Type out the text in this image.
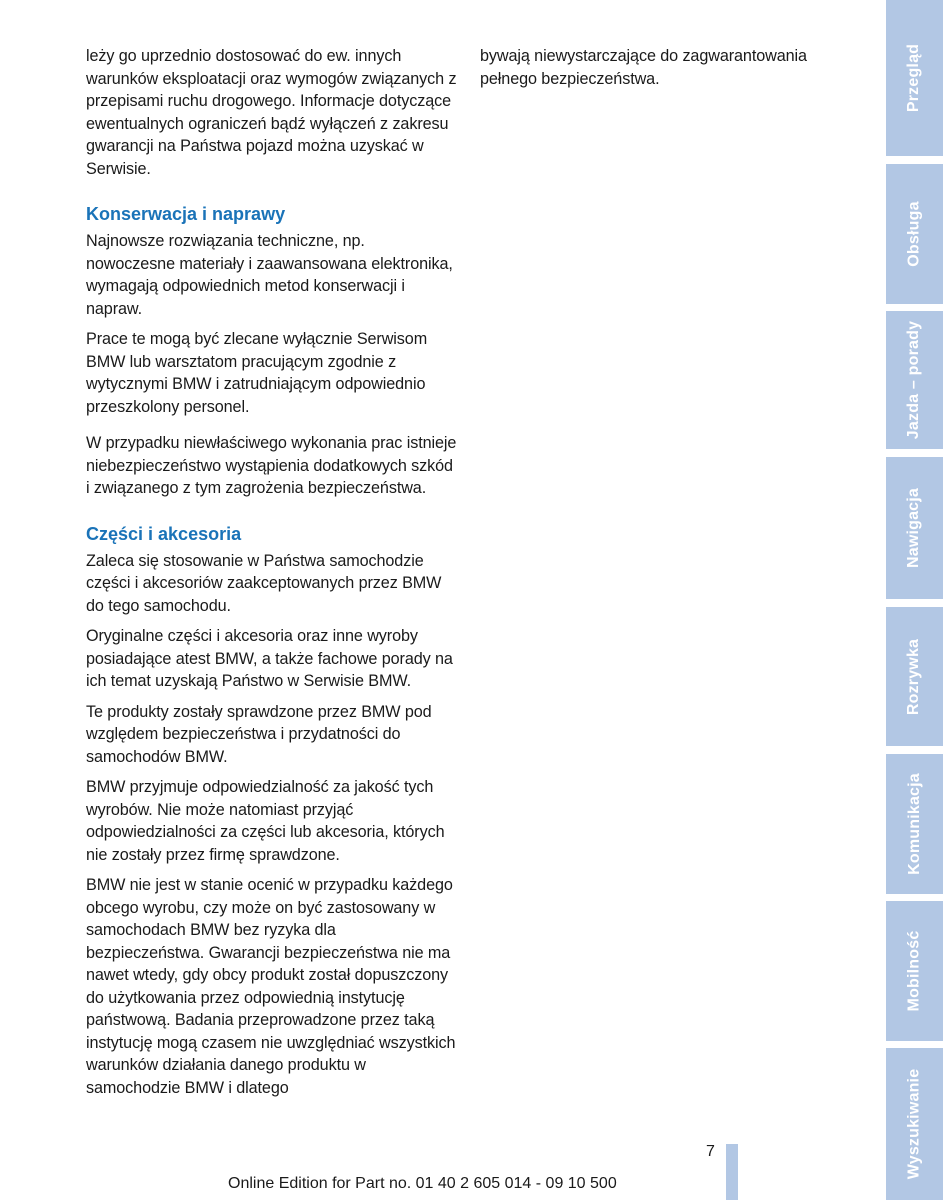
leży go uprzednio dostosować do ew. innych warunków eksploatacji oraz wymogów związanych z przepisami ruchu drogowego. Informacje dotyczące ewentualnych ograniczeń bądź wyłączeń z zakresu gwarancji na Państwa pojazd można uzyskać w Serwisie.

Konserwacja i naprawy

Najnowsze rozwiązania techniczne, np. nowoczesne materiały i zaawansowana elektronika, wymagają odpowiednich metod konserwacji i napraw.

Prace te mogą być zlecane wyłącznie Serwisom BMW lub warsztatom pracującym zgodnie z wytycznymi BMW i zatrudniającym odpowiednio przeszkolony personel.

W przypadku niewłaściwego wykonania prac istnieje niebezpieczeństwo wystąpienia dodatkowych szkód i związanego z tym zagrożenia bezpieczeństwa.

Części i akcesoria

Zaleca się stosowanie w Państwa samochodzie części i akcesoriów zaakceptowanych przez BMW do tego samochodu.

Oryginalne części i akcesoria oraz inne wyroby posiadające atest BMW, a także fachowe porady na ich temat uzyskają Państwo w Serwisie BMW.

Te produkty zostały sprawdzone przez BMW pod względem bezpieczeństwa i przydatności do samochodów BMW.

BMW przyjmuje odpowiedzialność za jakość tych wyrobów. Nie może natomiast przyjąć odpowiedzialności za części lub akcesoria, których nie zostały przez firmę sprawdzone.

BMW nie jest w stanie ocenić w przypadku każdego obcego wyrobu, czy może on być zastosowany w samochodach BMW bez ryzyka dla bezpieczeństwa. Gwarancji bezpieczeństwa nie ma nawet wtedy, gdy obcy produkt został dopuszczony do użytkowania przez odpowiednią instytucję państwową. Badania przeprowadzone przez taką instytucję mogą czasem nie uwzględniać wszystkich warunków działania danego produktu w samochodzie BMW i dlatego

bywają niewystarczające do zagwarantowania pełnego bezpieczeństwa.	Przegląd
Obsługa
Jazda – porady
Nawigacja
Rozrywka
Komunikacja
Mobilność
Wyszukiwanie
7
Online Edition for Part no. 01 40 2 605 014 - 09 10 500
